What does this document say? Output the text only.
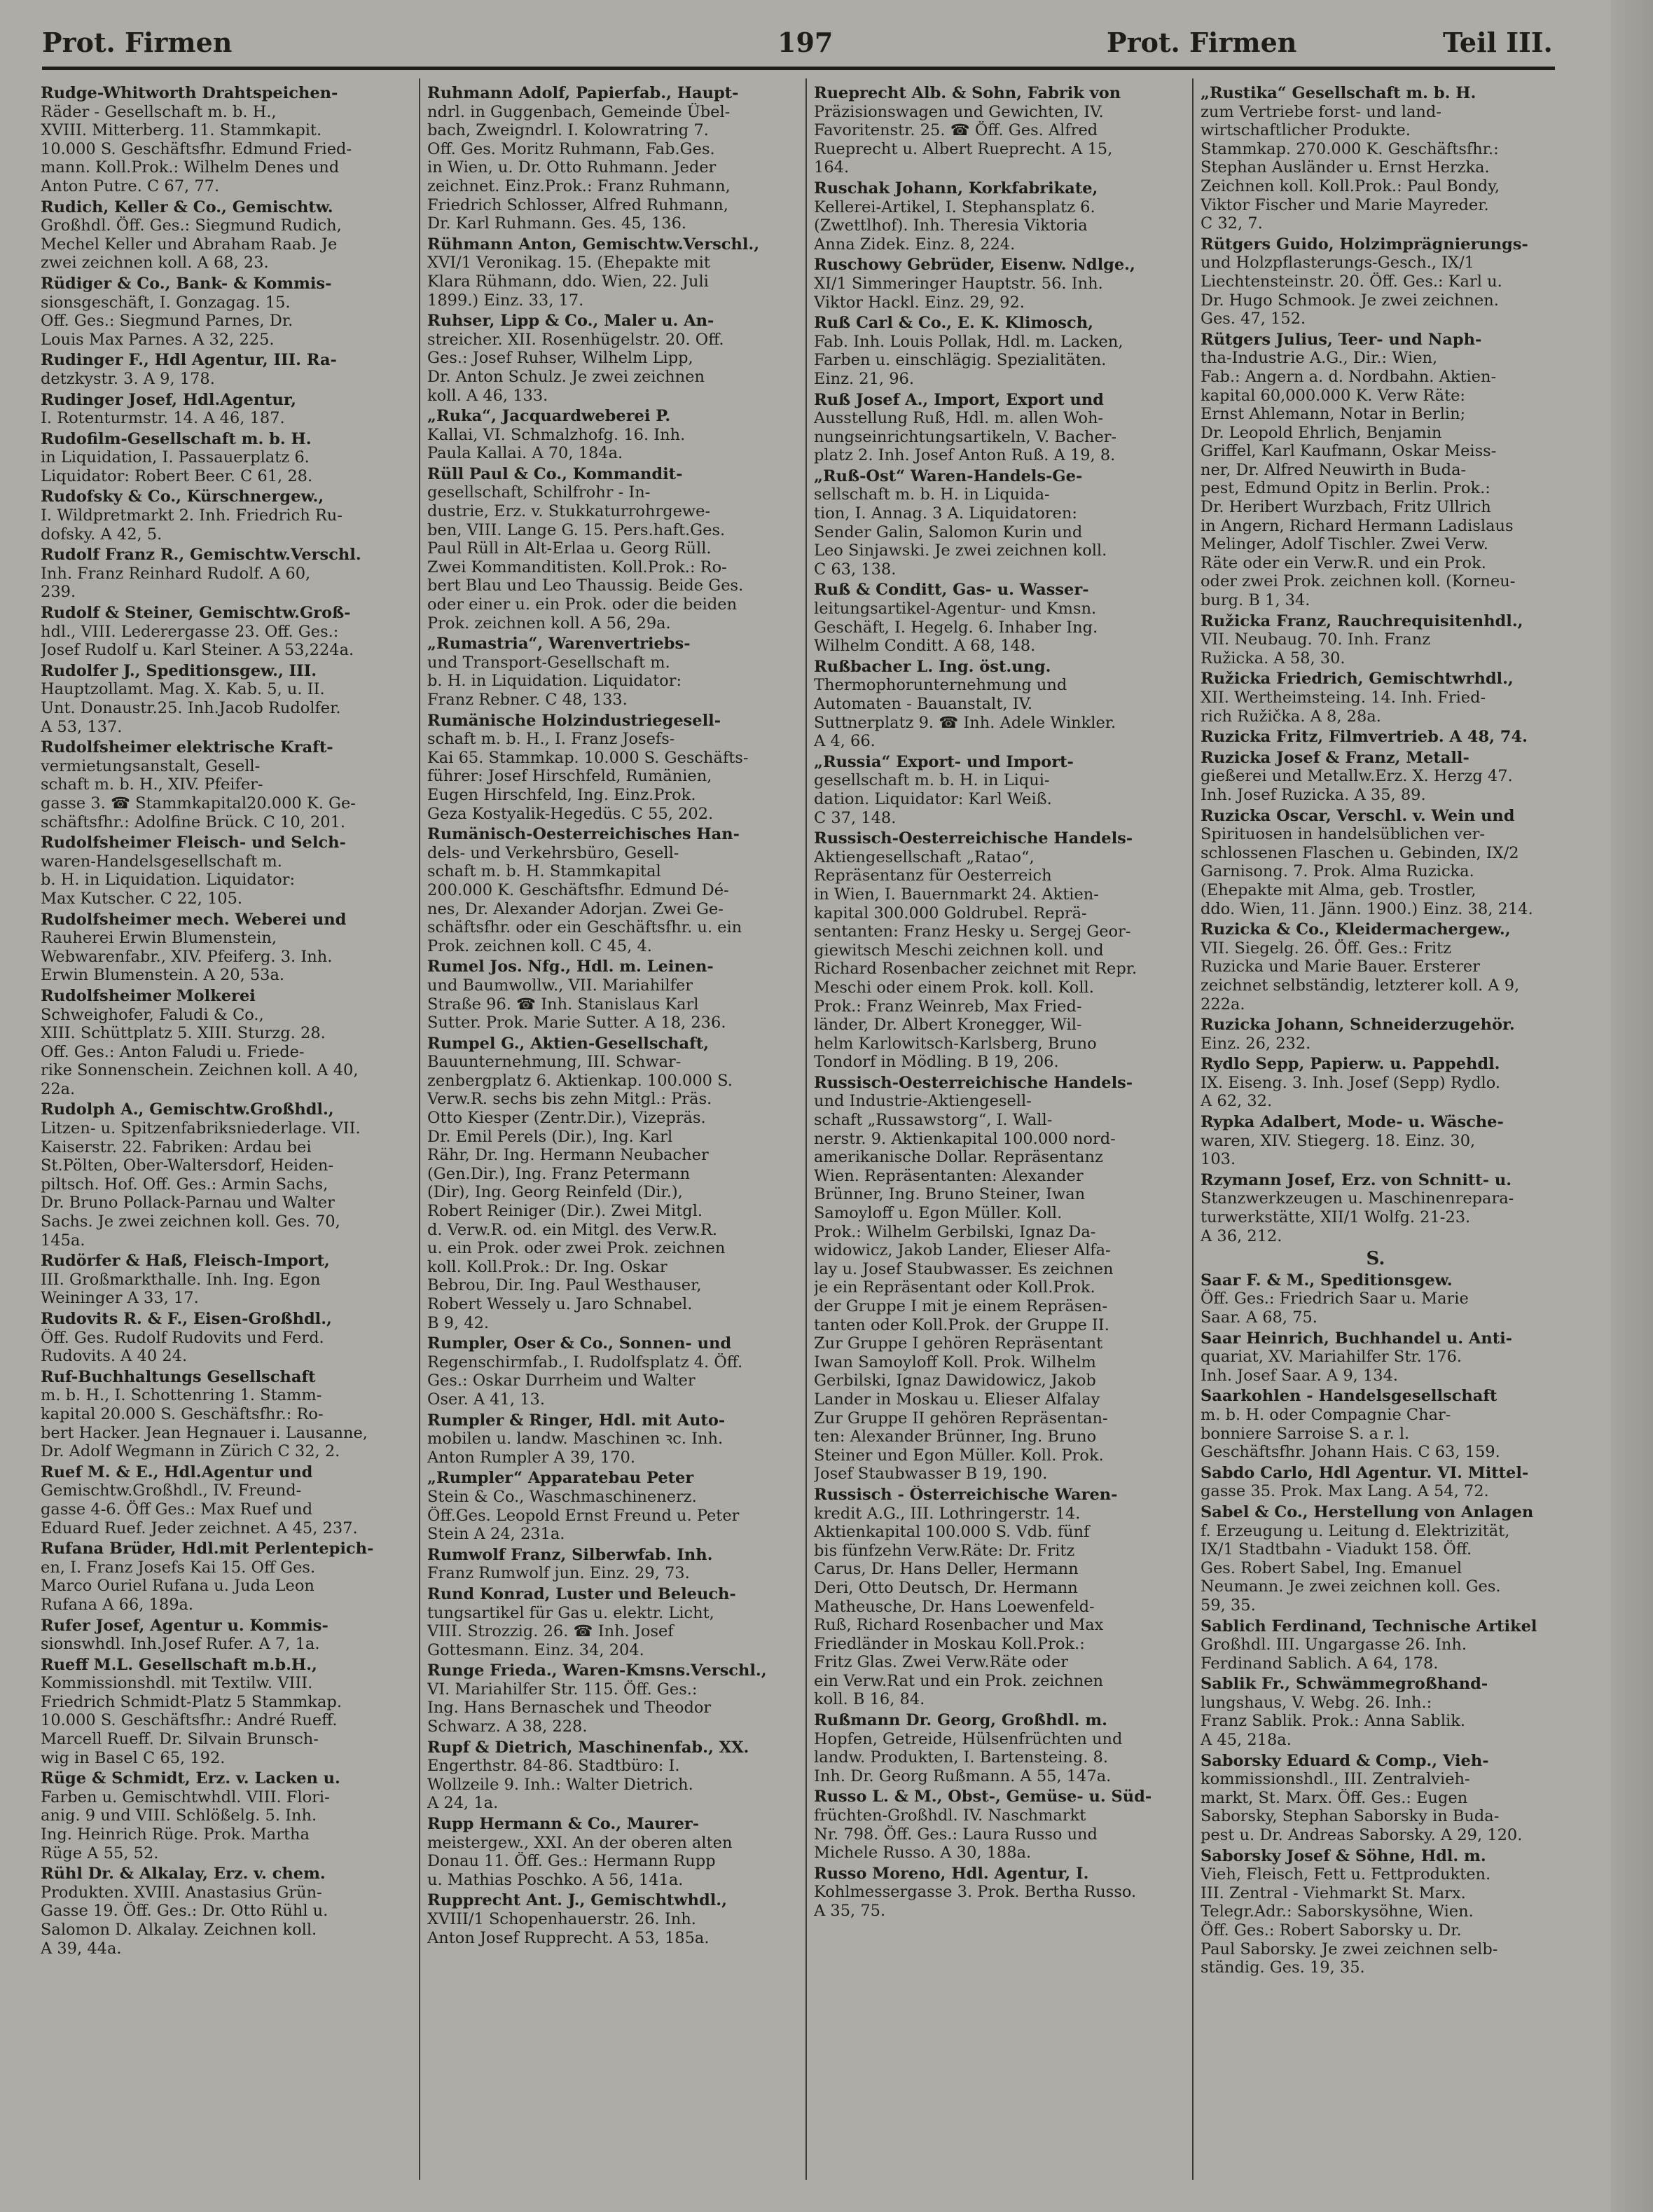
Prot. Firmen	197	Prot. Firmen	Teil III.
Rudge-Whitworth Drahtspeichen-
Räder - Gesellschaft m. b. H.,
XVIII. Mitterberg. 11. Stammkapit.
10.000 S. Geschäftsfhr. Edmund Fried-
mann. Koll.Prok.: Wilhelm Denes und
Anton Putre. C 67, 77.
Rudich, Keller & Co., Gemischtw.
Großhdl. Öff. Ges.: Siegmund Rudich,
Mechel Keller und Abraham Raab. Je
zwei zeichnen koll. A 68, 23.
Rüdiger & Co., Bank- & Kommis-
sionsgeschäft, I. Gonzagag. 15.
Off. Ges.: Siegmund Parnes, Dr.
Louis Max Parnes. A 32, 225.
Rudinger F., Hdl Agentur, III. Ra-
detzkystr. 3. A 9, 178.
Rudinger Josef, Hdl.Agentur,
I. Rotenturmstr. 14. A 46, 187.
Rudofilm-Gesellschaft m. b. H.
in Liquidation, I. Passauerplatz 6.
Liquidator: Robert Beer. C 61, 28.
Rudofsky & Co., Kürschnergew.,
I. Wildpretmarkt 2. Inh. Friedrich Ru-
dofsky. A 42, 5.
Rudolf Franz R., Gemischtw.Verschl.
Inh. Franz Reinhard Rudolf. A 60,
239.
Rudolf & Steiner, Gemischtw.Groß-
hdl., VIII. Lederergasse 23. Off. Ges.:
Josef Rudolf u. Karl Steiner. A 53,224a.
Rudolfer J., Speditionsgew., III.
Hauptzollamt. Mag. X. Kab. 5, u. II.
Unt. Donaustr.25. Inh.Jacob Rudolfer.
A 53, 137.
Rudolfsheimer elektrische Kraft-
vermietungsanstalt, Gesell-
schaft m. b. H., XIV. Pfeifer-
gasse 3. ☎ Stammkapital20.000 K. Ge-
schäftsfhr.: Adolfine Brück. C 10, 201.
Rudolfsheimer Fleisch- und Selch-
waren-Handelsgesellschaft m.
b. H. in Liquidation. Liquidator:
Max Kutscher. C 22, 105.
Rudolfsheimer mech. Weberei und
Rauherei Erwin Blumenstein,
Webwarenfabr., XIV. Pfeiferg. 3. Inh.
Erwin Blumenstein. A 20, 53a.
Rudolfsheimer Molkerei
Schweighofer, Faludi & Co.,
XIII. Schüttplatz 5. XIII. Sturzg. 28.
Off. Ges.: Anton Faludi u. Friede-
rike Sonnenschein. Zeichnen koll. A 40,
22a.
Rudolph A., Gemischtw.Großhdl.,
Litzen- u. Spitzenfabriksniederlage. VII.
Kaiserstr. 22. Fabriken: Ardau bei
St.Pölten, Ober-Waltersdorf, Heiden-
piltsch. Hof. Off. Ges.: Armin Sachs,
Dr. Bruno Pollack-Parnau und Walter
Sachs. Je zwei zeichnen koll. Ges. 70,
145a.
Rudörfer & Haß, Fleisch-Import,
III. Großmarkthalle. Inh. Ing. Egon
Weininger A 33, 17.
Rudovits R. & F., Eisen-Großhdl.,
Öff. Ges. Rudolf Rudovits und Ferd.
Rudovits. A 40 24.
Ruf-Buchhaltungs Gesellschaft
m. b. H., I. Schottenring 1. Stamm-
kapital 20.000 S. Geschäftsfhr.: Ro-
bert Hacker. Jean Hegnauer i. Lausanne,
Dr. Adolf Wegmann in Zürich C 32, 2.
Ruef M. & E., Hdl.Agentur und
Gemischtw.Großhdl., IV. Freund-
gasse 4-6. Öff Ges.: Max Ruef und
Eduard Ruef. Jeder zeichnet. A 45, 237.
Rufana Brüder, Hdl.mit Perlentepich-
en, I. Franz Josefs Kai 15. Off Ges.
Marco Ouriel Rufana u. Juda Leon
Rufana A 66, 189a.
Rufer Josef, Agentur u. Kommis-
sionswhdl. Inh.Josef Rufer. A 7, 1a.
Rueff M.L. Gesellschaft m.b.H.,
Kommissionshdl. mit Textilw. VIII.
Friedrich Schmidt-Platz 5 Stammkap.
10.000 S. Geschäftsfhr.: André Rueff.
Marcell Rueff. Dr. Silvain Brunsch-
wig in Basel C 65, 192.
Rüge & Schmidt, Erz. v. Lacken u.
Farben u. Gemischtwhdl. VIII. Flori-
anig. 9 und VIII. Schlößelg. 5. Inh.
Ing. Heinrich Rüge. Prok. Martha
Rüge A 55, 52.
Rühl Dr. & Alkalay, Erz. v. chem.
Produkten. XVIII. Anastasius Grün-
Gasse 19. Öff. Ges.: Dr. Otto Rühl u.
Salomon D. Alkalay. Zeichnen koll.
A 39, 44a.
Ruhmann Adolf, Papierfab., Haupt-
ndrl. in Guggenbach, Gemeinde Übel-
bach, Zweigndrl. I. Kolowratring 7.
Off. Ges. Moritz Ruhmann, Fab.Ges.
in Wien, u. Dr. Otto Ruhmann. Jeder
zeichnet. Einz.Prok.: Franz Ruhmann,
Friedrich Schlosser, Alfred Ruhmann,
Dr. Karl Ruhmann. Ges. 45, 136.
Rühmann Anton, Gemischtw.Verschl.,
XVI/1 Veronikag. 15. (Ehepakte mit
Klara Rühmann, ddo. Wien, 22. Juli
1899.) Einz. 33, 17.
Ruhser, Lipp & Co., Maler u. An-
streicher. XII. Rosenhügelstr. 20. Off.
Ges.: Josef Ruhser, Wilhelm Lipp,
Dr. Anton Schulz. Je zwei zeichnen
koll. A 46, 133.
„Ruka“, Jacquardweberei P.
Kallai, VI. Schmalzhofg. 16. Inh.
Paula Kallai. A 70, 184a.
Rüll Paul & Co., Kommandit-
gesellschaft, Schilfrohr - In-
dustrie, Erz. v. Stukkaturrohrgewe-
ben, VIII. Lange G. 15. Pers.haft.Ges.
Paul Rüll in Alt-Erlaa u. Georg Rüll.
Zwei Kommanditisten. Koll.Prok.: Ro-
bert Blau und Leo Thaussig. Beide Ges.
oder einer u. ein Prok. oder die beiden
Prok. zeichnen koll. A 56, 29a.
„Rumastria“, Warenvertriebs-
und Transport-Gesellschaft m.
b. H. in Liquidation. Liquidator:
Franz Rebner. C 48, 133.
Rumänische Holzindustriegesell-
schaft m. b. H., I. Franz Josefs-
Kai 65. Stammkap. 10.000 S. Geschäfts-
führer: Josef Hirschfeld, Rumänien,
Eugen Hirschfeld, Ing. Einz.Prok.
Geza Kostyalik-Hegedüs. C 55, 202.
Rumänisch-Oesterreichisches Han-
dels- und Verkehrsbüro, Gesell-
schaft m. b. H. Stammkapital
200.000 K. Geschäftsfhr. Edmund Dé-
nes, Dr. Alexander Adorjan. Zwei Ge-
schäftsfhr. oder ein Geschäftsfhr. u. ein
Prok. zeichnen koll. C 45, 4.
Rumel Jos. Nfg., Hdl. m. Leinen-
und Baumwollw., VII. Mariahilfer
Straße 96. ☎ Inh. Stanislaus Karl
Sutter. Prok. Marie Sutter. A 18, 236.
Rumpel G., Aktien-Gesellschaft,
Bauunternehmung, III. Schwar-
zenbergplatz 6. Aktienkap. 100.000 S.
Verw.R. sechs bis zehn Mitgl.: Präs.
Otto Kiesper (Zentr.Dir.), Vizepräs.
Dr. Emil Perels (Dir.), Ing. Karl
Rähr, Dr. Ing. Hermann Neubacher
(Gen.Dir.), Ing. Franz Petermann
(Dir), Ing. Georg Reinfeld (Dir.),
Robert Reiniger (Dir.). Zwei Mitgl.
d. Verw.R. od. ein Mitgl. des Verw.R.
u. ein Prok. oder zwei Prok. zeichnen
koll. Koll.Prok.: Dr. Ing. Oskar
Bebrou, Dir. Ing. Paul Westhauser,
Robert Wessely u. Jaro Schnabel.
B 9, 42.
Rumpler, Oser & Co., Sonnen- und
Regenschirmfab., I. Rudolfsplatz 4. Öff.
Ges.: Oskar Durrheim und Walter
Oser. A 41, 13.
Rumpler & Ringer, Hdl. mit Auto-
mobilen u. landw. Maschinen ꝛc. Inh.
Anton Rumpler A 39, 170.
„Rumpler“ Apparatebau Peter
Stein & Co., Waschmaschinenerz.
Öff.Ges. Leopold Ernst Freund u. Peter
Stein A 24, 231a.
Rumwolf Franz, Silberwfab. Inh.
Franz Rumwolf jun. Einz. 29, 73.
Rund Konrad, Luster und Beleuch-
tungsartikel für Gas u. elektr. Licht,
VIII. Strozzig. 26. ☎ Inh. Josef
Gottesmann. Einz. 34, 204.
Runge Frieda., Waren-Kmsns.Verschl.,
VI. Mariahilfer Str. 115. Öff. Ges.:
Ing. Hans Bernaschek und Theodor
Schwarz. A 38, 228.
Rupf & Dietrich, Maschinenfab., XX.
Engerthstr. 84-86. Stadtbüro: I.
Wollzeile 9. Inh.: Walter Dietrich.
A 24, 1a.
Rupp Hermann & Co., Maurer-
meistergew., XXI. An der oberen alten
Donau 11. Öff. Ges.: Hermann Rupp
u. Mathias Poschko. A 56, 141a.
Rupprecht Ant. J., Gemischtwhdl.,
XVIII/1 Schopenhauerstr. 26. Inh.
Anton Josef Rupprecht. A 53, 185a.
Rueprecht Alb. & Sohn, Fabrik von
Präzisionswagen und Gewichten, IV.
Favoritenstr. 25. ☎ Öff. Ges. Alfred
Rueprecht u. Albert Rueprecht. A 15,
164.
Ruschak Johann, Korkfabrikate,
Kellerei-Artikel, I. Stephansplatz 6.
(Zwettlhof). Inh. Theresia Viktoria
Anna Zidek. Einz. 8, 224.
Ruschowy Gebrüder, Eisenw. Ndlge.,
XI/1 Simmeringer Hauptstr. 56. Inh.
Viktor Hackl. Einz. 29, 92.
Ruß Carl & Co., E. K. Klimosch,
Fab. Inh. Louis Pollak, Hdl. m. Lacken,
Farben u. einschlägig. Spezialitäten.
Einz. 21, 96.
Ruß Josef A., Import, Export und
Ausstellung Ruß, Hdl. m. allen Woh-
nungseinrichtungsartikeln, V. Bacher-
platz 2. Inh. Josef Anton Ruß. A 19, 8.
„Ruß-Ost“ Waren-Handels-Ge-
sellschaft m. b. H. in Liquida-
tion, I. Annag. 3 A. Liquidatoren:
Sender Galin, Salomon Kurin und
Leo Sinjawski. Je zwei zeichnen koll.
C 63, 138.
Ruß & Conditt, Gas- u. Wasser-
leitungsartikel-Agentur- und Kmsn.
Geschäft, I. Hegelg. 6. Inhaber Ing.
Wilhelm Conditt. A 68, 148.
Rußbacher L. Ing. öst.ung.
Thermophorunternehmung und
Automaten - Bauanstalt, IV.
Suttnerplatz 9. ☎ Inh. Adele Winkler.
A 4, 66.
„Russia“ Export- und Import-
gesellschaft m. b. H. in Liqui-
dation. Liquidator: Karl Weiß.
C 37, 148.
Russisch-Oesterreichische Handels-
Aktiengesellschaft „Ratao“,
Repräsentanz für Oesterreich
in Wien, I. Bauernmarkt 24. Aktien-
kapital 300.000 Goldrubel. Reprä-
sentanten: Franz Hesky u. Sergej Geor-
giewitsch Meschi zeichnen koll. und
Richard Rosenbacher zeichnet mit Repr.
Meschi oder einem Prok. koll. Koll.
Prok.: Franz Weinreb, Max Fried-
länder, Dr. Albert Kronegger, Wil-
helm Karlowitsch-Karlsberg, Bruno
Tondorf in Mödling. B 19, 206.
Russisch-Oesterreichische Handels-
und Industrie-Aktiengesell-
schaft „Russawstorg“, I. Wall-
nerstr. 9. Aktienkapital 100.000 nord-
amerikanische Dollar. Repräsentanz
Wien. Repräsentanten: Alexander
Brünner, Ing. Bruno Steiner, Iwan
Samoyloff u. Egon Müller. Koll.
Prok.: Wilhelm Gerbilski, Ignaz Da-
widowicz, Jakob Lander, Elieser Alfa-
lay u. Josef Staubwasser. Es zeichnen
je ein Repräsentant oder Koll.Prok.
der Gruppe I mit je einem Repräsen-
tanten oder Koll.Prok. der Gruppe II.
Zur Gruppe I gehören Repräsentant
Iwan Samoyloff Koll. Prok. Wilhelm
Gerbilski, Ignaz Dawidowicz, Jakob
Lander in Moskau u. Elieser Alfalay
Zur Gruppe II gehören Repräsentan-
ten: Alexander Brünner, Ing. Bruno
Steiner und Egon Müller. Koll. Prok.
Josef Staubwasser B 19, 190.
Russisch - Österreichische Waren-
kredit A.G., III. Lothringerstr. 14.
Aktienkapital 100.000 S. Vdb. fünf
bis fünfzehn Verw.Räte: Dr. Fritz
Carus, Dr. Hans Deller, Hermann
Deri, Otto Deutsch, Dr. Hermann
Matheusche, Dr. Hans Loewenfeld-
Ruß, Richard Rosenbacher und Max
Friedländer in Moskau Koll.Prok.:
Fritz Glas. Zwei Verw.Räte oder
ein Verw.Rat und ein Prok. zeichnen
koll. B 16, 84.
Rußmann Dr. Georg, Großhdl. m.
Hopfen, Getreide, Hülsenfrüchten und
landw. Produkten, I. Bartensteing. 8.
Inh. Dr. Georg Rußmann. A 55, 147a.
Russo L. & M., Obst-, Gemüse- u. Süd-
früchten-Großhdl. IV. Naschmarkt
Nr. 798. Öff. Ges.: Laura Russo und
Michele Russo. A 30, 188a.
Russo Moreno, Hdl. Agentur, I.
Kohlmessergasse 3. Prok. Bertha Russo.
A 35, 75.
„Rustika“ Gesellschaft m. b. H.
zum Vertriebe forst- und land-
wirtschaftlicher Produkte.
Stammkap. 270.000 K. Geschäftsfhr.:
Stephan Ausländer u. Ernst Herzka.
Zeichnen koll. Koll.Prok.: Paul Bondy,
Viktor Fischer und Marie Mayreder.
C 32, 7.
Rütgers Guido, Holzimprägnierungs-
und Holzpflasterungs-Gesch., IX/1
Liechtensteinstr. 20. Öff. Ges.: Karl u.
Dr. Hugo Schmook. Je zwei zeichnen.
Ges. 47, 152.
Rütgers Julius, Teer- und Naph-
tha-Industrie A.G., Dir.: Wien,
Fab.: Angern a. d. Nordbahn. Aktien-
kapital 60,000.000 K. Verw Räte:
Ernst Ahlemann, Notar in Berlin;
Dr. Leopold Ehrlich, Benjamin
Griffel, Karl Kaufmann, Oskar Meiss-
ner, Dr. Alfred Neuwirth in Buda-
pest, Edmund Opitz in Berlin. Prok.:
Dr. Heribert Wurzbach, Fritz Ullrich
in Angern, Richard Hermann Ladislaus
Melinger, Adolf Tischler. Zwei Verw.
Räte oder ein Verw.R. und ein Prok.
oder zwei Prok. zeichnen koll. (Korneu-
burg. B 1, 34.
Ružicka Franz, Rauchrequisitenhdl.,
VII. Neubaug. 70. Inh. Franz
Ružicka. A 58, 30.
Ružicka Friedrich, Gemischtwrhdl.,
XII. Wertheimsteing. 14. Inh. Fried-
rich Ružička. A 8, 28a.
Ruzicka Fritz, Filmvertrieb. A 48, 74.
Ruzicka Josef & Franz, Metall-
gießerei und Metallw.Erz. X. Herzg 47.
Inh. Josef Ruzicka. A 35, 89.
Ruzicka Oscar, Verschl. v. Wein und
Spirituosen in handelsüblichen ver-
schlossenen Flaschen u. Gebinden, IX/2
Garnisong. 7. Prok. Alma Ruzicka.
(Ehepakte mit Alma, geb. Trostler,
ddo. Wien, 11. Jänn. 1900.) Einz. 38, 214.
Ruzicka & Co., Kleidermachergew.,
VII. Siegelg. 26. Öff. Ges.: Fritz
Ruzicka und Marie Bauer. Ersterer
zeichnet selbständig, letzterer koll. A 9,
222a.
Ruzicka Johann, Schneiderzugehör.
Einz. 26, 232.
Rydlo Sepp, Papierw. u. Pappehdl.
IX. Eiseng. 3. Inh. Josef (Sepp) Rydlo.
A 62, 32.
Rypka Adalbert, Mode- u. Wäsche-
waren, XIV. Stiegerg. 18. Einz. 30,
103.
Rzymann Josef, Erz. von Schnitt- u.
Stanzwerkzeugen u. Maschinenrepara-
turwerkstätte, XII/1 Wolfg. 21-23.
A 36, 212.
S.
Saar F. & M., Speditionsgew.
Öff. Ges.: Friedrich Saar u. Marie
Saar. A 68, 75.
Saar Heinrich, Buchhandel u. Anti-
quariat, XV. Mariahilfer Str. 176.
Inh. Josef Saar. A 9, 134.
Saarkohlen - Handelsgesellschaft
m. b. H. oder Compagnie Char-
bonniere Sarroise S. a r. l.
Geschäftsfhr. Johann Hais. C 63, 159.
Sabdo Carlo, Hdl Agentur. VI. Mittel-
gasse 35. Prok. Max Lang. A 54, 72.
Sabel & Co., Herstellung von Anlagen
f. Erzeugung u. Leitung d. Elektrizität,
IX/1 Stadtbahn - Viadukt 158. Öff.
Ges. Robert Sabel, Ing. Emanuel
Neumann. Je zwei zeichnen koll. Ges.
59, 35.
Sablich Ferdinand, Technische Artikel
Großhdl. III. Ungargasse 26. Inh.
Ferdinand Sablich. A 64, 178.
Sablik Fr., Schwämmegroßhand-
lungshaus, V. Webg. 26. Inh.:
Franz Sablik. Prok.: Anna Sablik.
A 45, 218a.
Saborsky Eduard & Comp., Vieh-
kommissionshdl., III. Zentralvieh-
markt, St. Marx. Öff. Ges.: Eugen
Saborsky, Stephan Saborsky in Buda-
pest u. Dr. Andreas Saborsky. A 29, 120.
Saborsky Josef & Söhne, Hdl. m.
Vieh, Fleisch, Fett u. Fettprodukten.
III. Zentral - Viehmarkt St. Marx.
Telegr.Adr.: Saborskysöhne, Wien.
Öff. Ges.: Robert Saborsky u. Dr.
Paul Saborsky. Je zwei zeichnen selb-
ständig. Ges. 19, 35.
